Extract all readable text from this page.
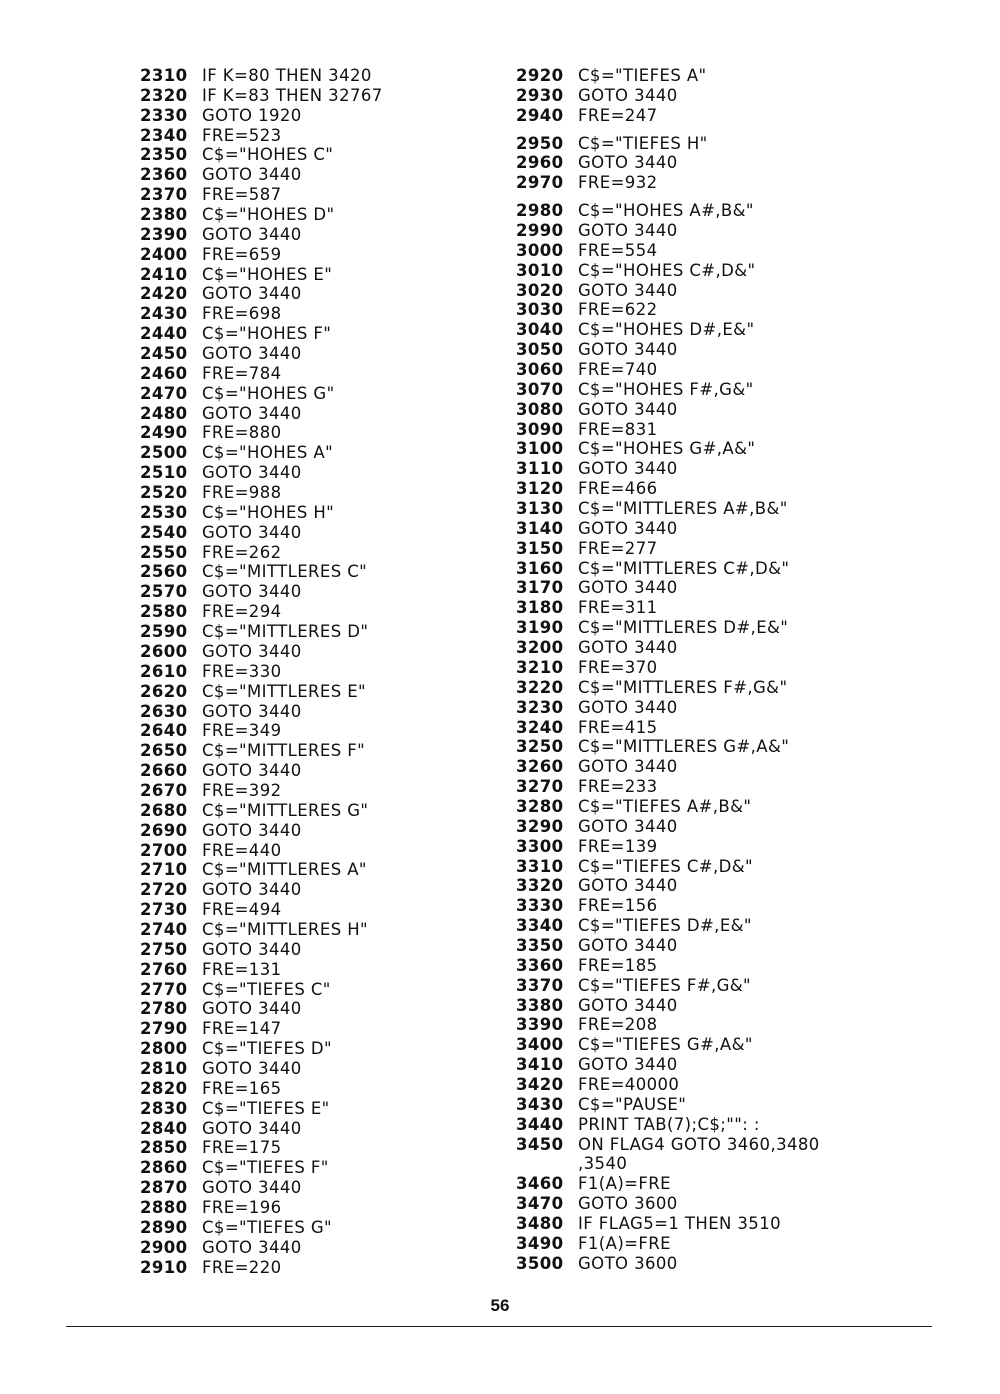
2310 IF K=80 THEN 3420
2320 IF K=83 THEN 32767
2330 GOTO 1920
2340 FRE=523
2350 C$="HOHES C"
2360 GOTO 3440
2370 FRE=587
2380 C$="HOHES D"
2390 GOTO 3440
2400 FRE=659
2410 C$="HOHES E"
2420 GOTO 3440
2430 FRE=698
2440 C$="HOHES F"
2450 GOTO 3440
2460 FRE=784
2470 C$="HOHES G"
2480 GOTO 3440
2490 FRE=880
2500 C$="HOHES A"
2510 GOTO 3440
2520 FRE=988
2530 C$="HOHES H"
2540 GOTO 3440
2550 FRE=262
2560 C$="MITTLERES C"
2570 GOTO 3440
2580 FRE=294
2590 C$="MITTLERES D"
2600 GOTO 3440
2610 FRE=330
2620 C$="MITTLERES E"
2630 GOTO 3440
2640 FRE=349
2650 C$="MITTLERES F"
2660 GOTO 3440
2670 FRE=392
2680 C$="MITTLERES G"
2690 GOTO 3440
2700 FRE=440
2710 C$="MITTLERES A"
2720 GOTO 3440
2730 FRE=494
2740 C$="MITTLERES H"
2750 GOTO 3440
2760 FRE=131
2770 C$="TIEFES C"
2780 GOTO 3440
2790 FRE=147
2800 C$="TIEFES D"
2810 GOTO 3440
2820 FRE=165
2830 C$="TIEFES E"
2840 GOTO 3440
2850 FRE=175
2860 C$="TIEFES F"
2870 GOTO 3440
2880 FRE=196
2890 C$="TIEFES G"
2900 GOTO 3440
2910 FRE=220
2920 C$="TIEFES A"
2930 GOTO 3440
2940 FRE=247
2950 C$="TIEFES H"
2960 GOTO 3440
2970 FRE=932
2980 C$="HOHES A#,B&"
2990 GOTO 3440
3000 FRE=554
3010 C$="HOHES C#,D&"
3020 GOTO 3440
3030 FRE=622
3040 C$="HOHES D#,E&"
3050 GOTO 3440
3060 FRE=740
3070 C$="HOHES F#,G&"
3080 GOTO 3440
3090 FRE=831
3100 C$="HOHES G#,A&"
3110 GOTO 3440
3120 FRE=466
3130 C$="MITTLERES A#,B&"
3140 GOTO 3440
3150 FRE=277
3160 C$="MITTLERES C#,D&"
3170 GOTO 3440
3180 FRE=311
3190 C$="MITTLERES D#,E&"
3200 GOTO 3440
3210 FRE=370
3220 C$="MITTLERES F#,G&"
3230 GOTO 3440
3240 FRE=415
3250 C$="MITTLERES G#,A&"
3260 GOTO 3440
3270 FRE=233
3280 C$="TIEFES A#,B&"
3290 GOTO 3440
3300 FRE=139
3310 C$="TIEFES C#,D&"
3320 GOTO 3440
3330 FRE=156
3340 C$="TIEFES D#,E&"
3350 GOTO 3440
3360 FRE=185
3370 C$="TIEFES F#,G&"
3380 GOTO 3440
3390 FRE=208
3400 C$="TIEFES G#,A&"
3410 GOTO 3440
3420 FRE=40000
3430 C$="PAUSE"
3440 PRINT TAB(7);C$;"": :
3450 ON FLAG4 GOTO 3460,3480
,3540
3460 F1(A)=FRE
3470 GOTO 3600
3480 IF FLAG5=1 THEN 3510
3490 F1(A)=FRE
3500 GOTO 3600
56
